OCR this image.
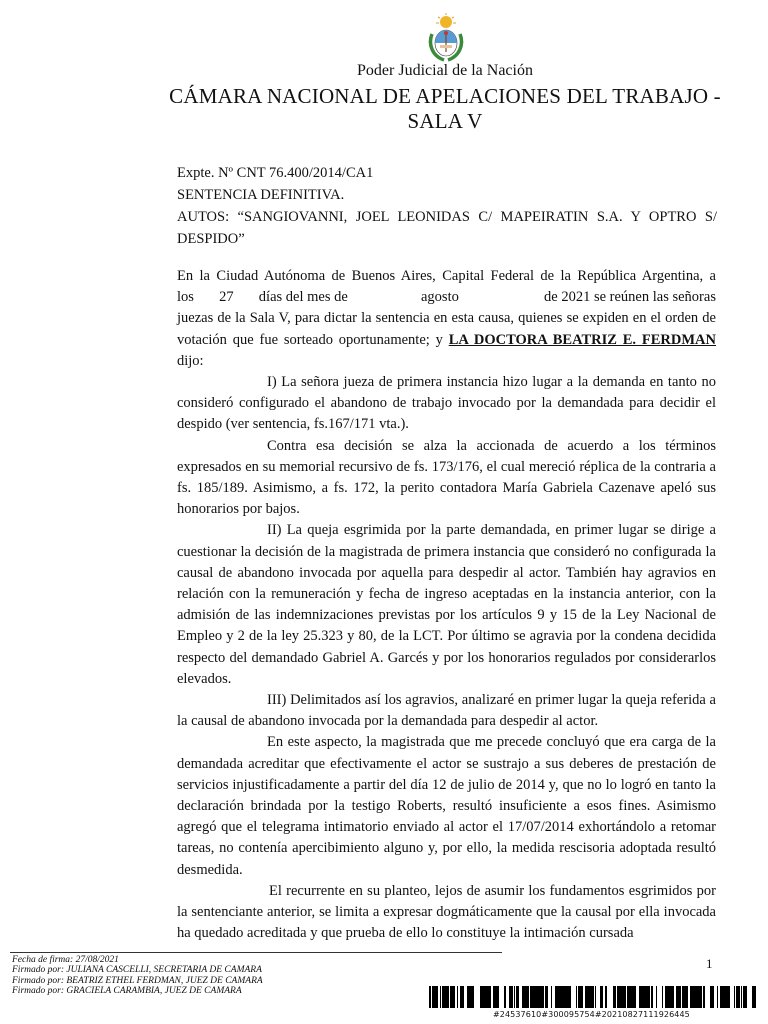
Poder Judicial de la Nación
CÁMARA NACIONAL DE APELACIONES DEL TRABAJO -
SALA V
Expte. Nº CNT 76.400/2014/CA1
SENTENCIA DEFINITIVA.
AUTOS: “SANGIOVANNI, JOEL LEONIDAS C/ MAPEIRATIN S.A. Y OPTRO S/
DESPIDO”

En la Ciudad Autónoma de Buenos Aires, Capital Federal de la República Argentina, a

los 27 días del mes de	agosto	de 2021 se reúnen las señoras

juezas de la Sala V, para dictar la sentencia en esta causa, quienes se expiden en el orden de votación que fue sorteado oportunamente; y LA DOCTORA BEATRIZ E. FERDMAN dijo:

I) La señora jueza de primera instancia hizo lugar a la demanda en tanto no consideró configurado el abandono de trabajo invocado por la demandada para decidir el despido (ver sentencia, fs.167/171 vta.).

Contra esa decisión se alza la accionada de acuerdo a los términos expresados en su memorial recursivo de fs. 173/176, el cual mereció réplica de la contraria a fs. 185/189. Asimismo, a fs. 172, la perito contadora María Gabriela Cazenave apeló sus honorarios por bajos.

II) La queja esgrimida por la parte demandada, en primer lugar se dirige a cuestionar la decisión de la magistrada de primera instancia que consideró no configurada la causal de abandono invocada por aquella para despedir al actor. También hay agravios en relación con la remuneración y fecha de ingreso aceptadas en la instancia anterior, con la admisión de las indemnizaciones previstas por los artículos 9 y 15 de la Ley Nacional de Empleo y 2 de la ley 25.323 y 80, de la LCT. Por último se agravia por la condena decidida respecto del demandado Gabriel A. Garcés y por los honorarios regulados por considerarlos elevados.

III) Delimitados así los agravios, analizaré en primer lugar la queja referida a la causal de abandono invocada por la demandada para despedir al actor.

En este aspecto, la magistrada que me precede concluyó que era carga de la demandada acreditar que efectivamente el actor se sustrajo a sus deberes de prestación de servicios injustificadamente a partir del día 12 de julio de 2014 y, que no lo logró en tanto la declaración brindada por la testigo Roberts, resultó insuficiente a esos fines. Asimismo agregó que el telegrama intimatorio enviado al actor el 17/07/2014 exhortándolo a retomar tareas, no contenía apercibimiento alguno y, por ello, la medida rescisoria adoptada resultó desmedida.

El recurrente en su planteo, lejos de asumir los fundamentos esgrimidos por la sentenciante anterior, se limita a expresar dogmáticamente que la causal por ella invocada ha quedado acreditada y que prueba de ello lo constituye la intimación cursada

Fecha de firma: 27/08/2021
Firmado por: JULIANA CASCELLI, SECRETARIA DE CAMARA
Firmado por: BEATRIZ ETHEL FERDMAN, JUEZ DE CAMARA
Firmado por: GRACIELA CARAMBIA, JUEZ DE CAMARA
1
#24537610#300095754#20210827111926445
